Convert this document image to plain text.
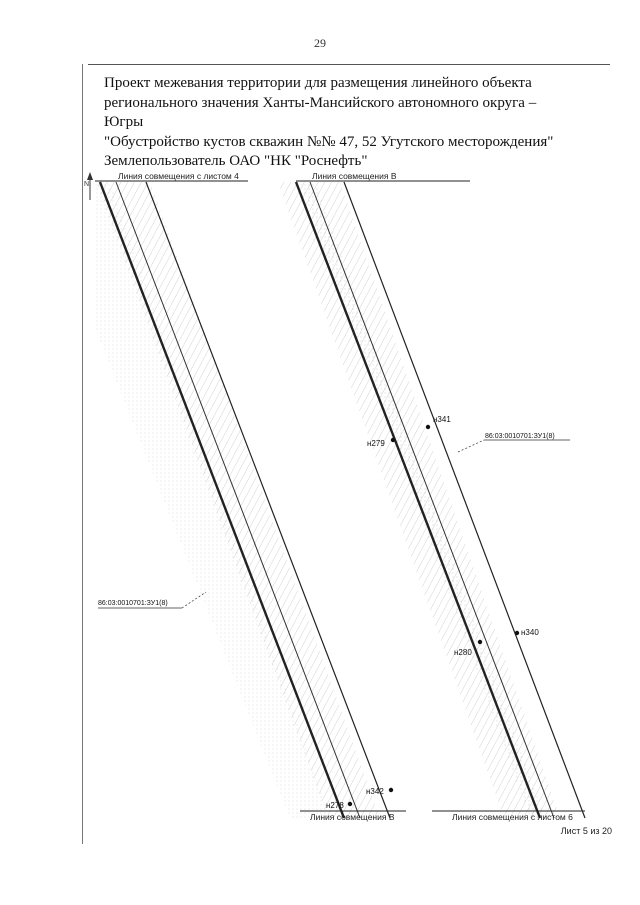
29
Проект межевания территории для размещения линейного объекта
регионального значения Ханты-Мансийского автономного округа –
Югры
"Обустройство кустов скважин №№ 47, 52 Угутского месторождения"
Землепользователь ОАО "НК "Роснефть"
N
Линия совмещения с листом 4	Линия совмещения В
н341
н279
н340
н280
н342
н278
86:03:0010701:ЗУ1(8)
86:03:0010701:ЗУ1(8)
Линия совмещения В	Линия совмещения с листом 6
Лист 5 из 20
